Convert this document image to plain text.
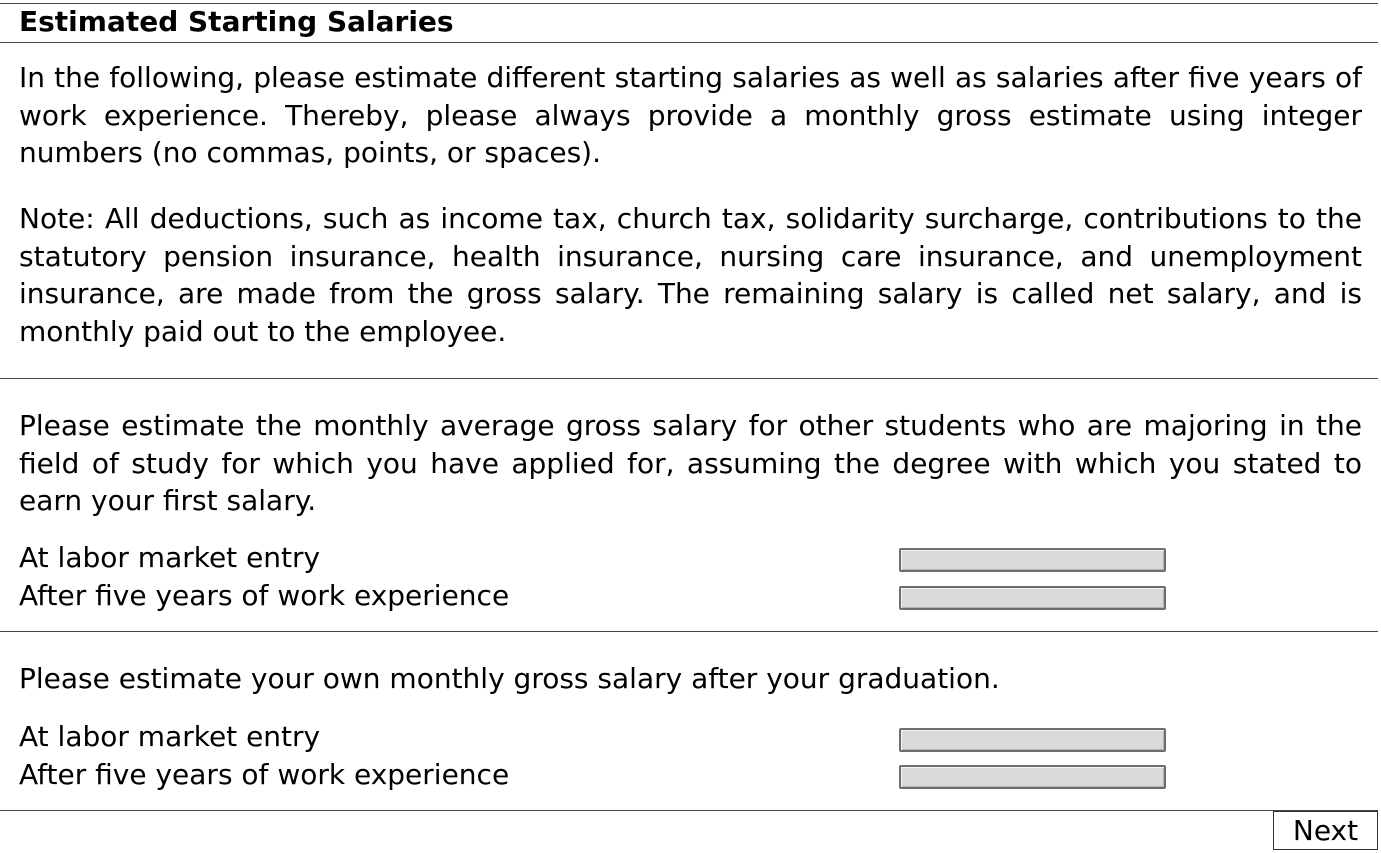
Estimated Starting Salaries

In the following, please estimate different starting salaries as well as salaries after five years of work experience. Thereby, please always provide a monthly gross estimate using integer numbers (no commas, points, or spaces).

Note: All deductions, such as income tax, church tax, solidarity surcharge, contributions to the statutory pension insurance, health insurance, nursing care insurance, and unemployment insurance, are made from the gross salary. The remaining salary is called net salary, and is monthly paid out to the employee.

Please estimate the monthly average gross salary for other students who are majoring in the field of study for which you have applied for, assuming the degree with which you stated to earn your first salary.

At labor market entry
After five years of work experience

Please estimate your own monthly gross salary after your graduation.

At labor market entry
After five years of work experience
Next
